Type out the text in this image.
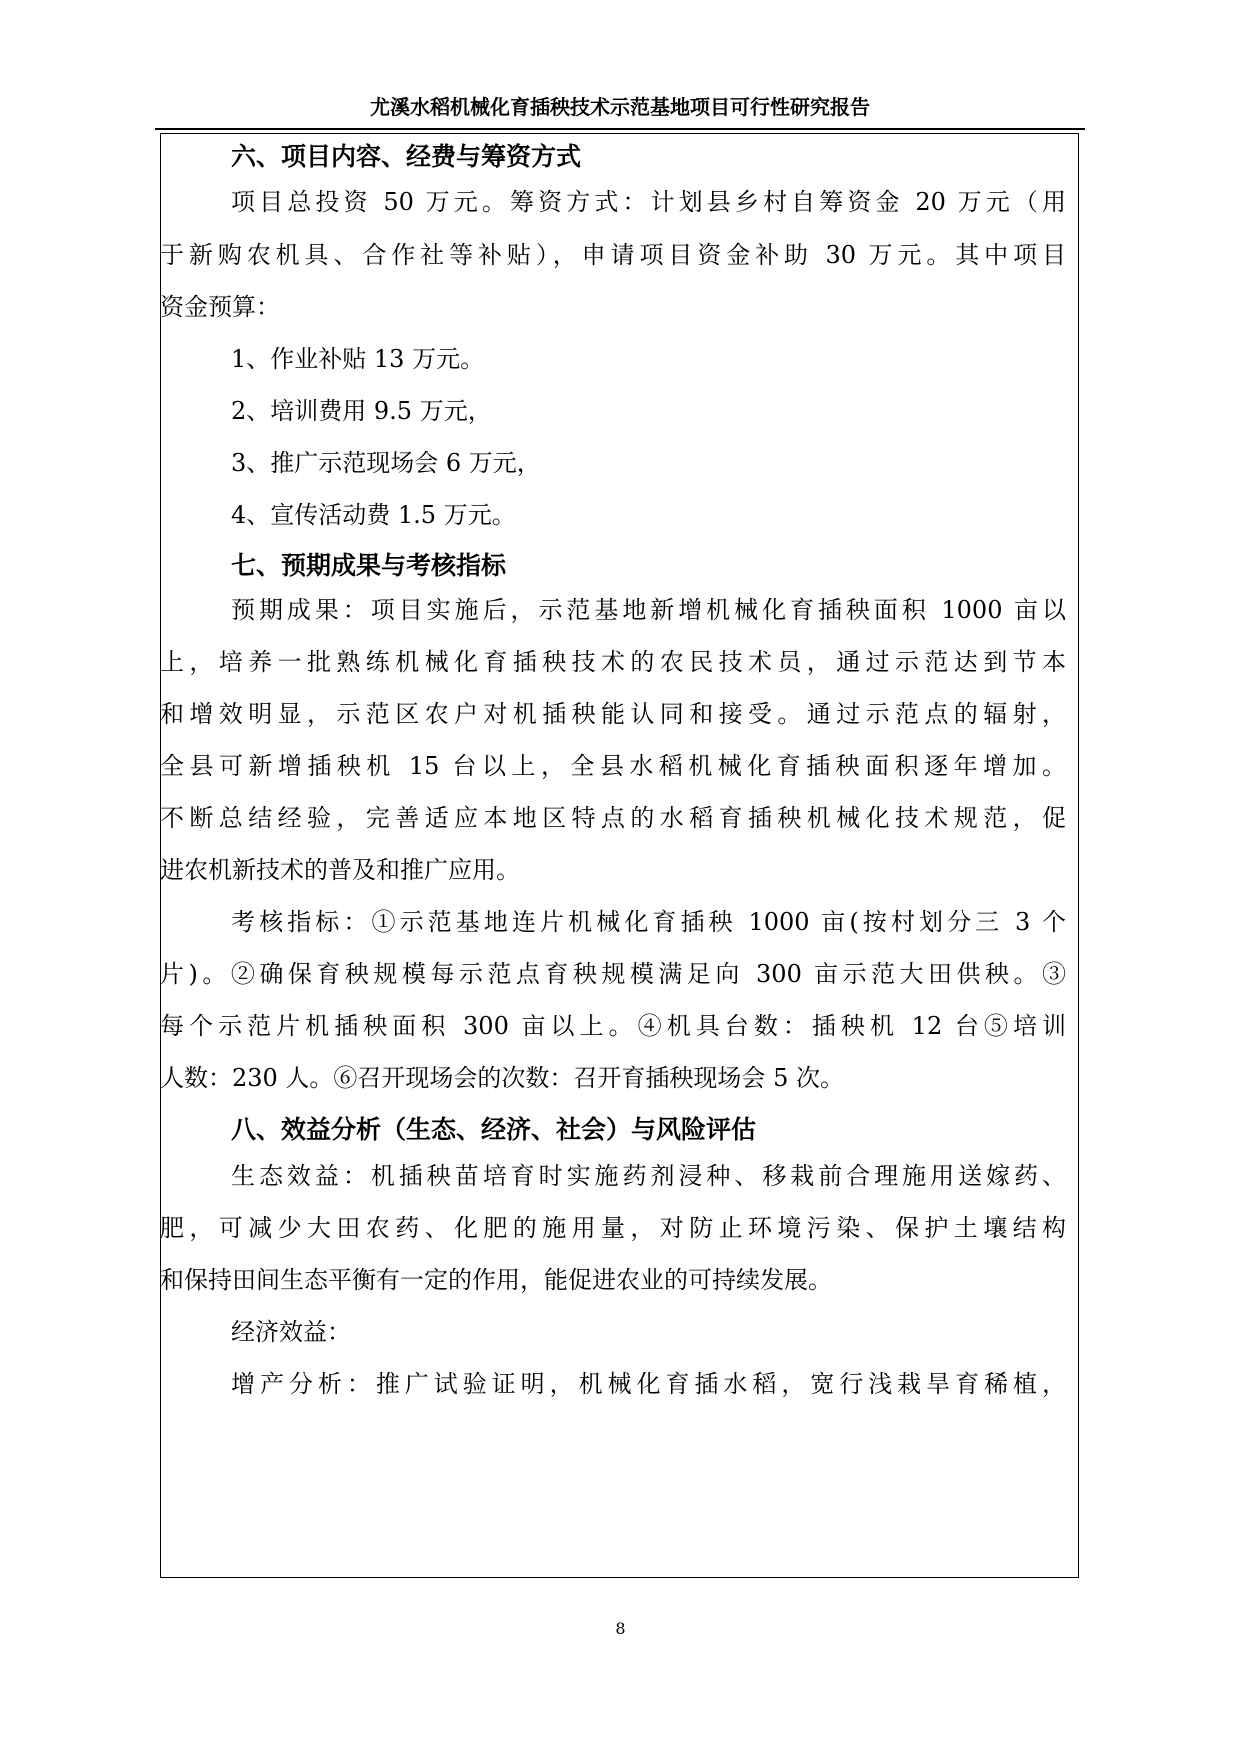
尤溪水稻机械化育插秧技术示范基地项目可行性研究报告
六、项目内容、经费与筹资方式
项目总投资 50 万元。筹资方式：计划县乡村自筹资金 20 万元（用
于新购农机具、合作社等补贴），申请项目资金补助 30 万元。其中项目
资金预算：
1、作业补贴 13 万元。
2、培训费用 9.5 万元，
3、推广示范现场会 6 万元，
4、宣传活动费 1.5 万元。
七、预期成果与考核指标
预期成果：项目实施后，示范基地新增机械化育插秧面积 1000 亩以
上，培养一批熟练机械化育插秧技术的农民技术员，通过示范达到节本
和增效明显，示范区农户对机插秧能认同和接受。通过示范点的辐射，
全县可新增插秧机 15 台以上，全县水稻机械化育插秧面积逐年增加。
不断总结经验，完善适应本地区特点的水稻育插秧机械化技术规范，促
进农机新技术的普及和推广应用。
考核指标：①示范基地连片机械化育插秧 1000 亩(按村划分三 3 个
片)。②确保育秧规模每示范点育秧规模满足向 300 亩示范大田供秧。③
每个示范片机插秧面积 300 亩以上。④机具台数：插秧机 12 台⑤培训
人数：230 人。⑥召开现场会的次数：召开育插秧现场会 5 次。
八、效益分析（生态、经济、社会）与风险评估
生态效益：机插秧苗培育时实施药剂浸种、移栽前合理施用送嫁药、
肥，可减少大田农药、化肥的施用量，对防止环境污染、保护土壤结构
和保持田间生态平衡有一定的作用，能促进农业的可持续发展。
经济效益：
增产分析：推广试验证明，机械化育插水稻，宽行浅栽旱育稀植，
8
